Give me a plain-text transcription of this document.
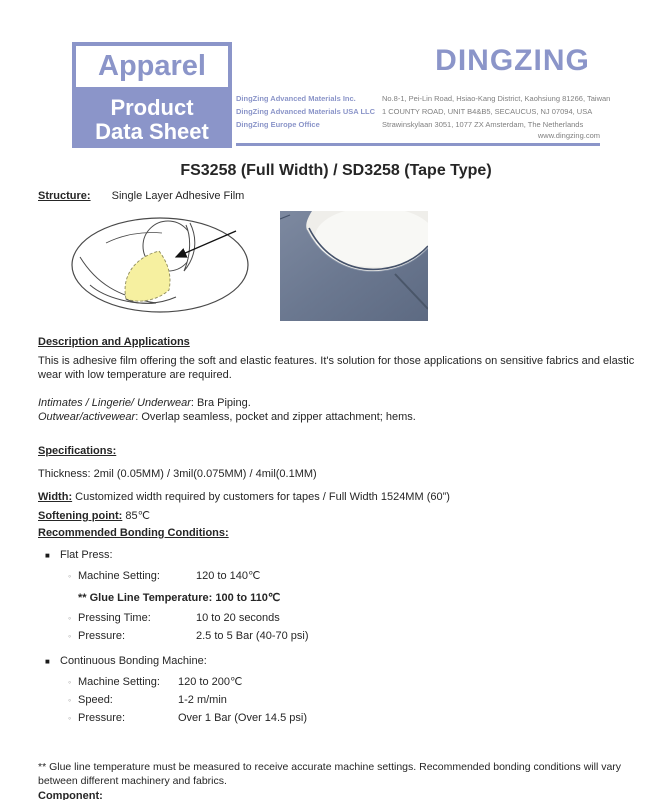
Apparel
Product
Data Sheet
DINGZING
DingZing Advanced Materials Inc.	No.8-1, Pei-Lin Road, Hsiao-Kang District, Kaohsiung 81266, Taiwan
DingZing Advanced Materials USA LLC 1 COUNTY ROAD, UNIT B4&B5, SECAUCUS, NJ 07094, USA
DingZing Europe Office	Strawinskylaan 3051, 1077 ZX Amsterdam, The Netherlands
www.dingzing.com
FS3258 (Full Width) / SD3258 (Tape Type)
Structure: Single Layer Adhesive Film
Description and Applications
This is adhesive film offering the soft and elastic features. It's solution for those applications on sensitive fabrics and elastic wear with low temperature are required.
Intimates / Lingerie/ Underwear: Bra Piping.
Outwear/activewear: Overlap seamless, pocket and zipper attachment; hems.
Specifications:
Thickness: 2mil (0.05MM) / 3mil(0.075MM) / 4mil(0.1MM)
Width: Customized width required by customers for tapes / Full Width 1524MM (60”)
Softening point: 85℃
Recommended Bonding Conditions:
■ Flat Press:
◦ Machine Setting:	120 to 140℃
** Glue Line Temperature: 100 to 110℃
◦ Pressing Time:	10 to 20 seconds
◦ Pressure:	2.5 to 5 Bar (40-70 psi)
■ Continuous Bonding Machine:
◦ Machine Setting:	120 to 200℃
◦ Speed:	1-2 m/min
◦ Pressure:	Over 1 Bar (Over 14.5 psi)
** Glue line temperature must be measured to receive accurate machine settings. Recommended bonding conditions will vary between different machinery and fabrics.
Component:
